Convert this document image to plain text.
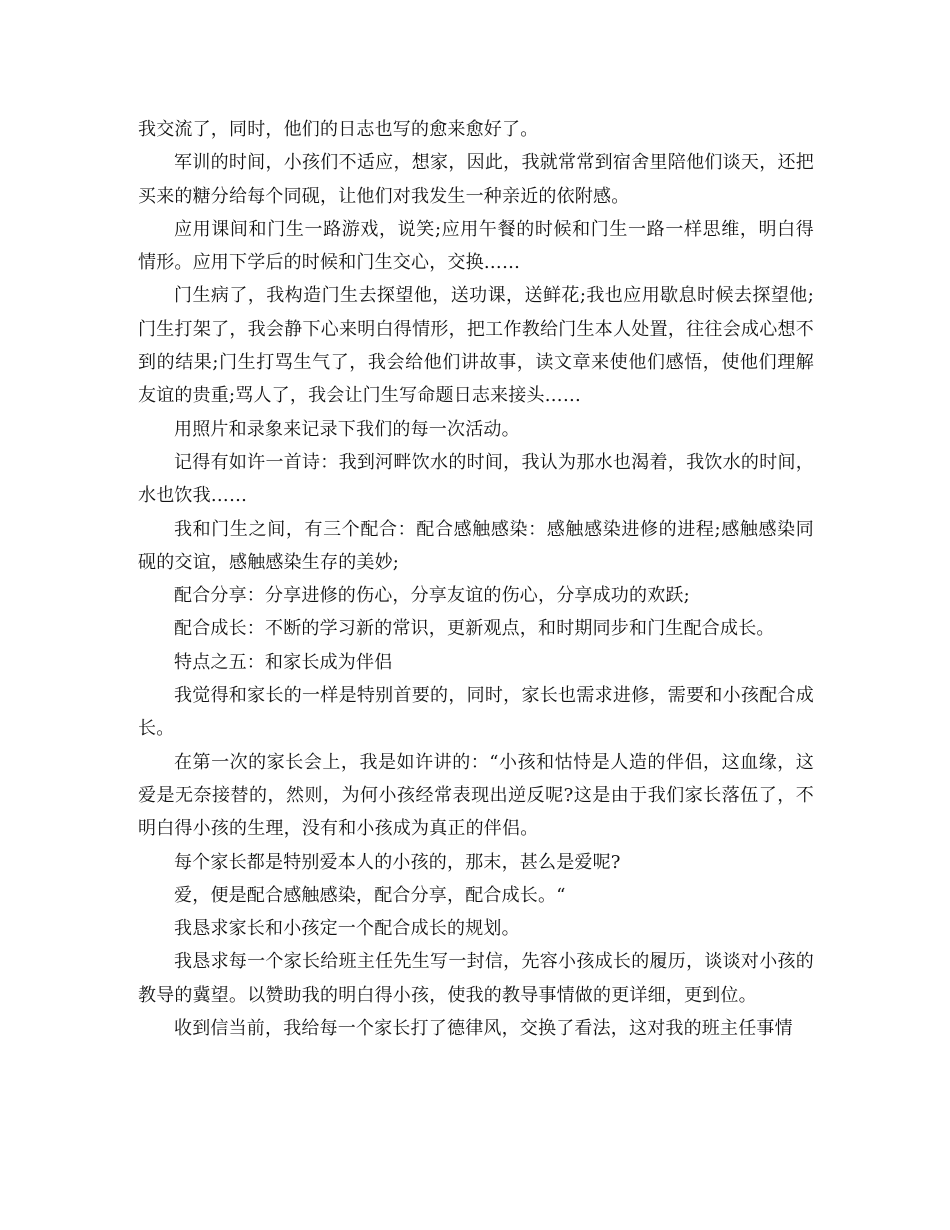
我交流了，同时，他们的日志也写的愈来愈好了。

军训的时间，小孩们不适应，想家，因此，我就常常到宿舍里陪他们谈天，还把买来的糖分给每个同砚，让他们对我发生一种亲近的依附感。

应用课间和门生一路游戏，说笑;应用午餐的时候和门生一路一样思维，明白得情形。应用下学后的时候和门生交心，交换……

门生病了，我构造门生去探望他，送功课，送鲜花;我也应用歇息时候去探望他;门生打架了，我会静下心来明白得情形，把工作教给门生本人处置，往往会成心想不到的结果;门生打骂生气了，我会给他们讲故事，读文章来使他们感悟，使他们理解友谊的贵重;骂人了，我会让门生写命题日志来接头……

用照片和录象来记录下我们的每一次活动。

记得有如许一首诗：我到河畔饮水的时间，我认为那水也渴着，我饮水的时间，水也饮我……

我和门生之间，有三个配合：配合感触感染：感触感染进修的进程;感触感染同砚的交谊，感触感染生存的美妙;

配合分享：分享进修的伤心，分享友谊的伤心，分享成功的欢跃;

配合成长：不断的学习新的常识，更新观点，和时期同步和门生配合成长。

特点之五：和家长成为伴侣

我觉得和家长的一样是特别首要的，同时，家长也需求进修，需要和小孩配合成长。

在第一次的家长会上，我是如许讲的：“小孩和怙恃是人造的伴侣，这血缘，这爱是无奈接替的，然则，为何小孩经常表现出逆反呢?这是由于我们家长落伍了，不明白得小孩的生理，没有和小孩成为真正的伴侣。

每个家长都是特别爱本人的小孩的，那末，甚么是爱呢?

爱，便是配合感触感染，配合分享，配合成长。“

我恳求家长和小孩定一个配合成长的规划。

我恳求每一个家长给班主任先生写一封信，先容小孩成长的履历，谈谈对小孩的教导的冀望。以赞助我的明白得小孩，使我的教导事情做的更详细，更到位。

收到信当前，我给每一个家长打了德律风，交换了看法，这对我的班主任事情
